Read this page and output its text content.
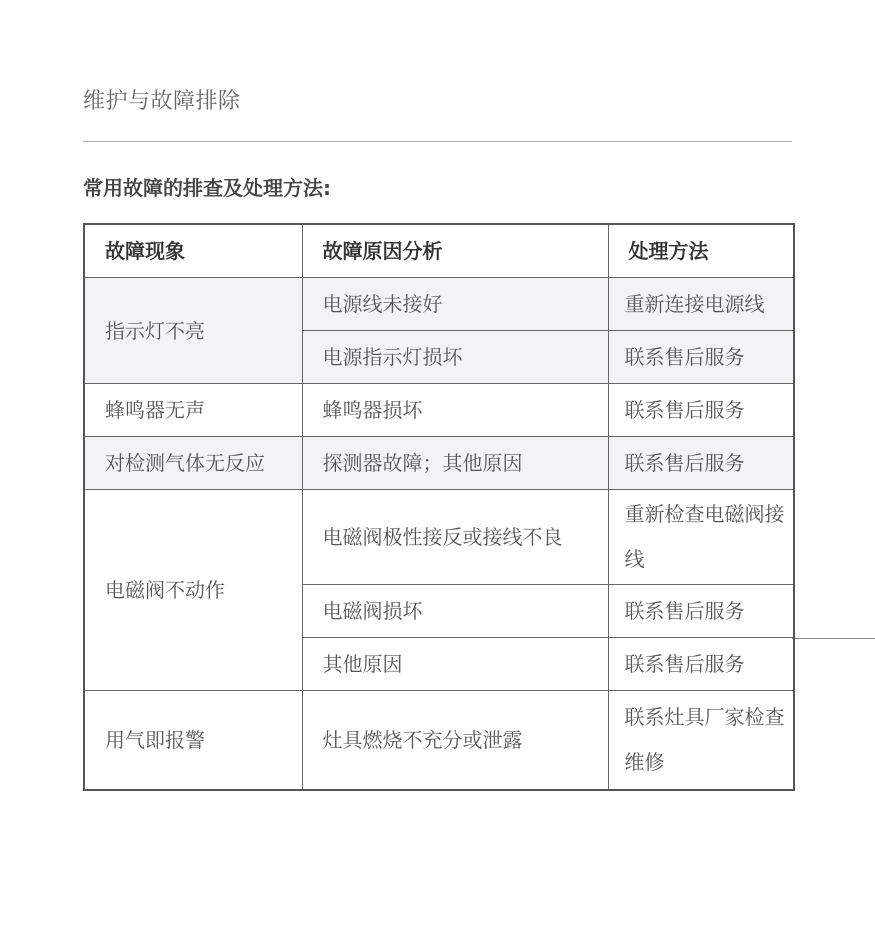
维护与故障排除
常用故障的排查及处理方法:
故障现象	故障原因分析	处理方法
指示灯不亮	电源线未接好	重新连接电源线
	电源指示灯损坏	联系售后服务
蜂鸣器无声	蜂鸣器损坏	联系售后服务
对检测气体无反应	探测器故障；其他原因	联系售后服务
电磁阀不动作	电磁阀极性接反或接线不良	重新检查电磁阀接线
	电磁阀损坏	联系售后服务
	其他原因	联系售后服务
用气即报警	灶具燃烧不充分或泄露	联系灶具厂家检查维修
